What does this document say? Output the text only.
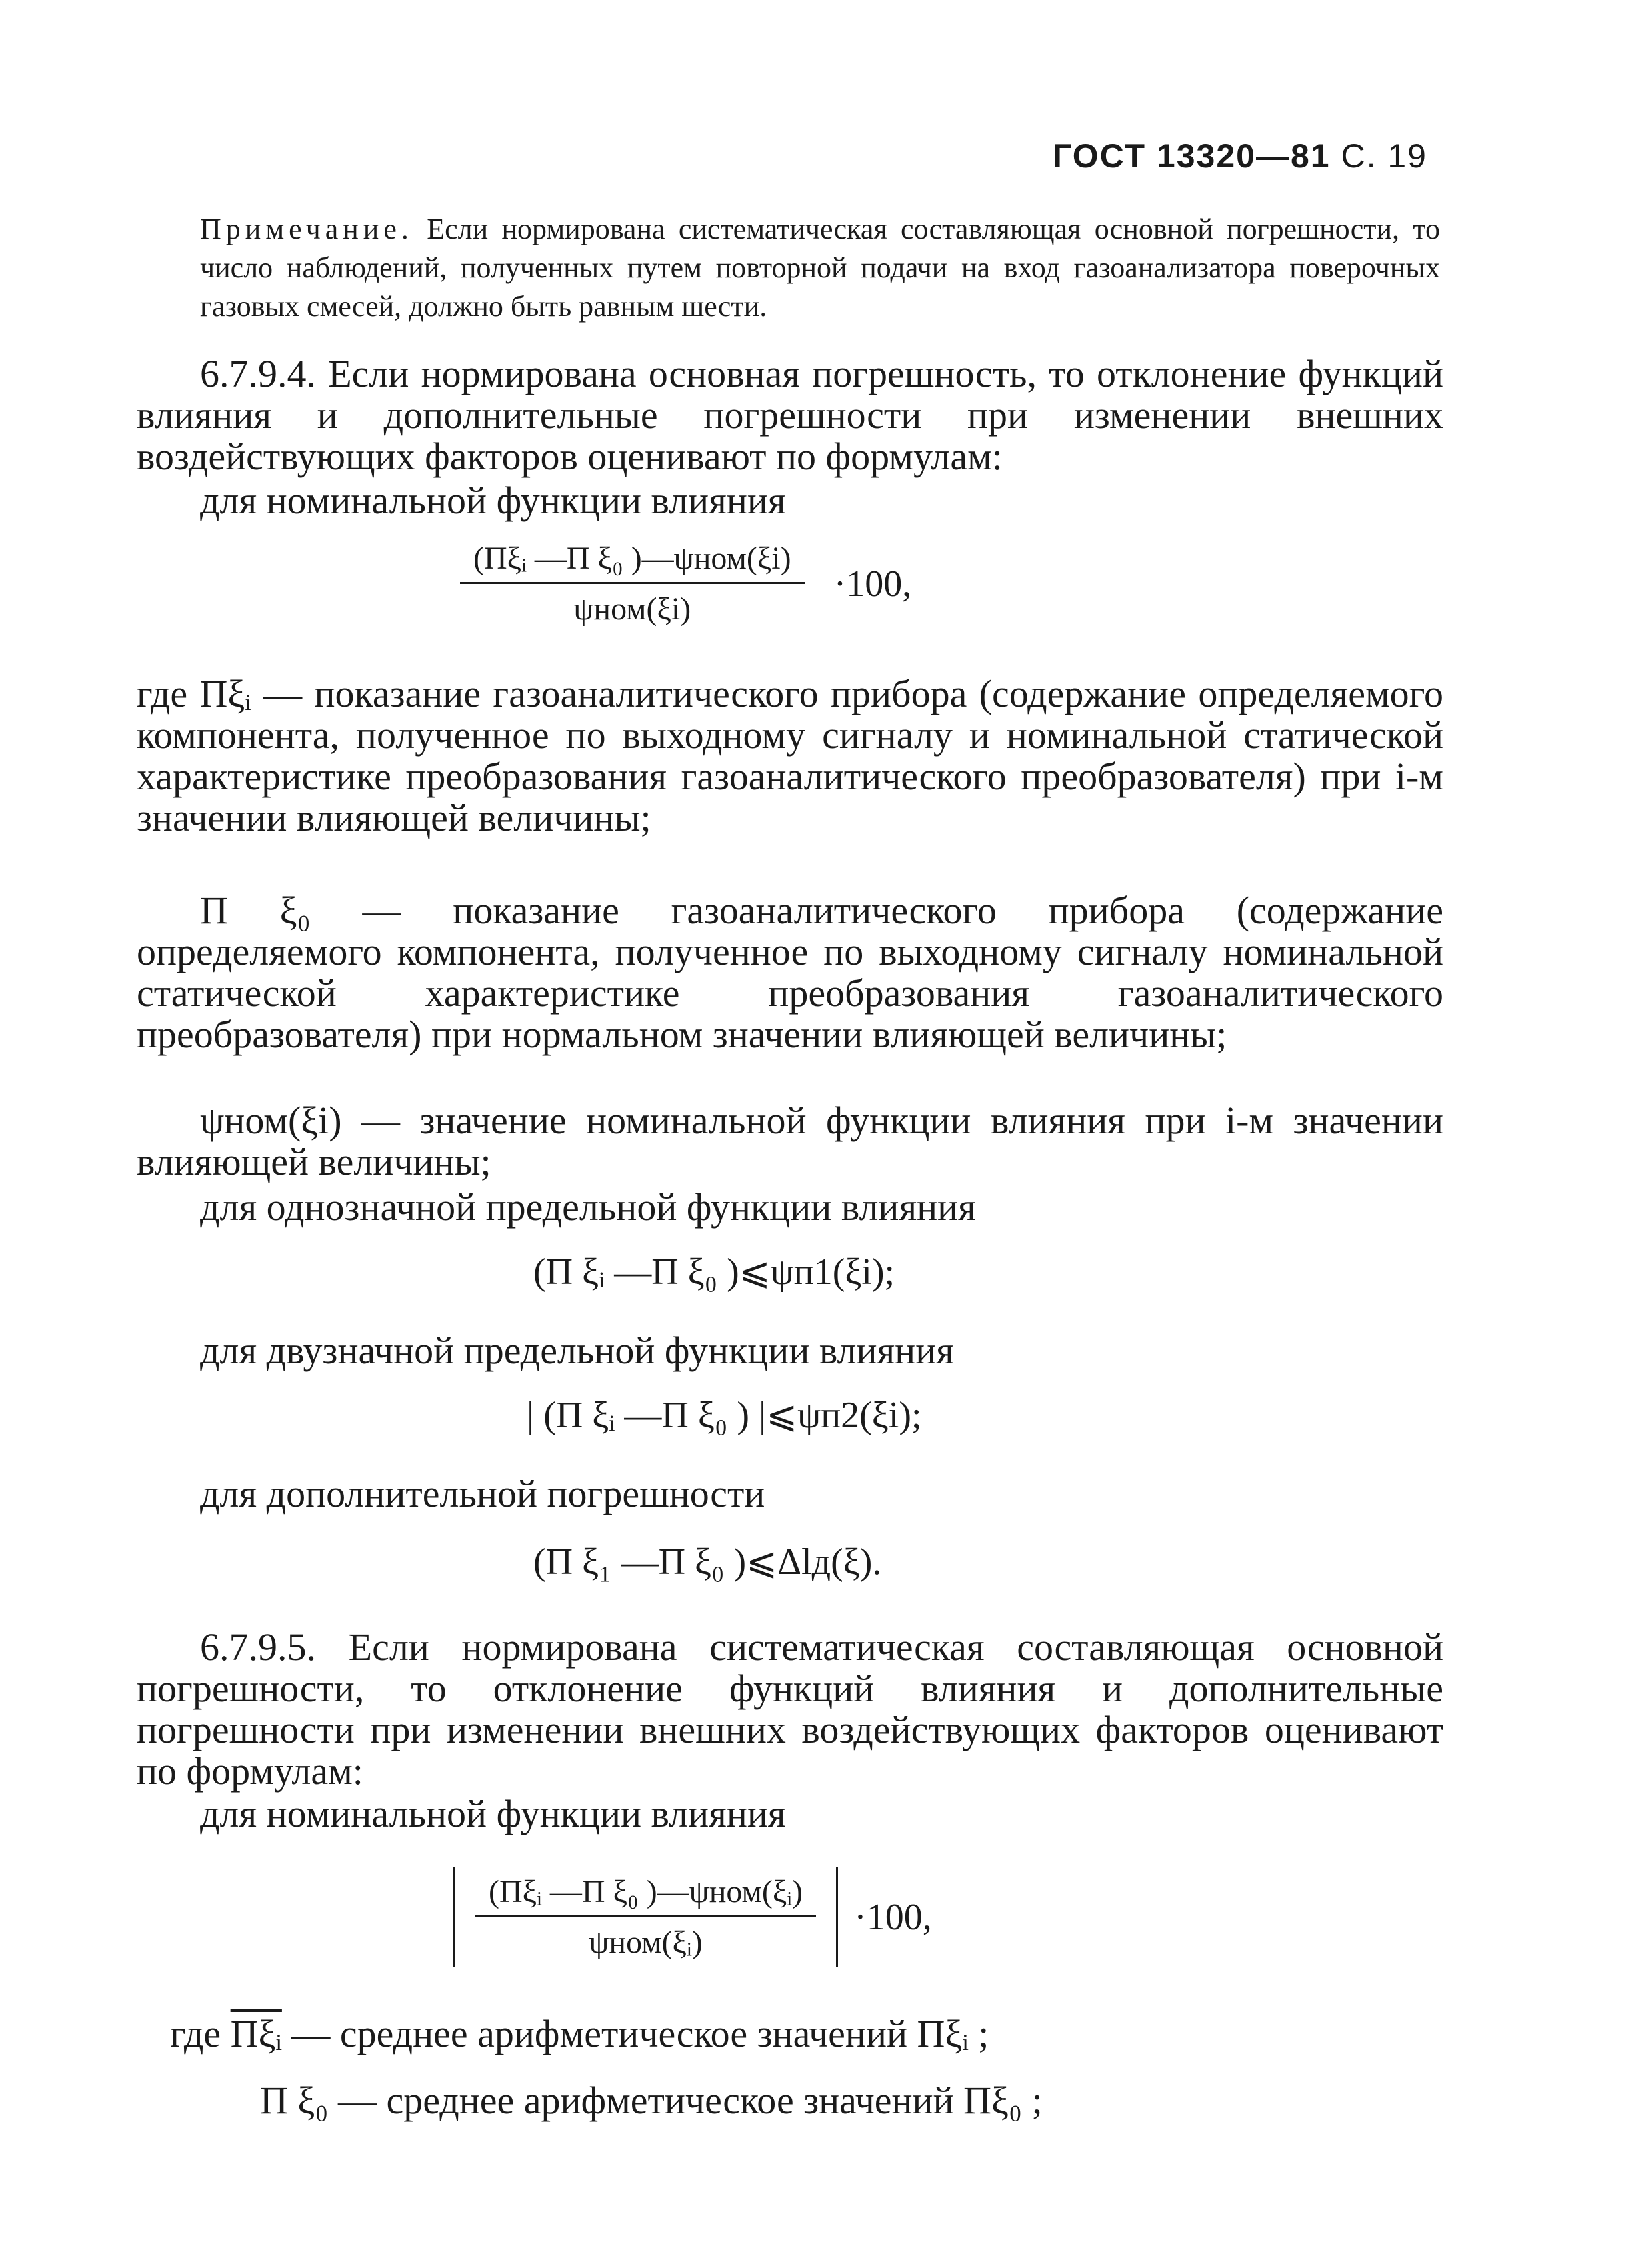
ГОСТ 13320—81 С. 19
Примечание. Если нормирована систематическая составляющая основной погрешности, то число наблюдений, полученных путем повторной подачи на вход газоанализатора поверочных газовых смесей, должно быть равным шести.
6.7.9.4. Если нормирована основная погрешность, то отклонение функций влияния и дополнительные погрешности при изменении внешних воздействующих факторов оценивают по формулам:
для номинальной функции влияния
$\frac{\text{(Πξᵢ —Π ξ₀ )—ψном(ξi)}}{\text{ψном(ξi)}} \cdot 100$,
где Πξᵢ — показание газоаналитического прибора (содержание определяемого компонента, полученное по выходному сигналу и номинальной статической характеристике преобразования газоаналитического преобразователя) при i-м значении влияющей величины;
Π ξ₀ — показание газоаналитического прибора (содержание определяемого компонента, полученное по выходному сигналу номинальной статической характеристике преобразования газоаналитического преобразователя) при нормальном значении влияющей величины;
ψном(ξi) — значение номинальной функции влияния при i-м значении влияющей величины;
для однозначной предельной функции влияния
(Π ξᵢ —Π ξ₀ )⩽ψп1(ξi);
для двузначной предельной функции влияния
| (Π ξᵢ —Π ξ₀ ) |⩽ψп2(ξi);
для дополнительной погрешности
(Π ξ₁ —Π ξ₀ )⩽Δlд(ξ).
6.7.9.5. Если нормирована систематическая составляющая основной погрешности, то отклонение функций влияния и дополнительные погрешности при изменении внешних воздействующих факторов оценивают по формулам:
для номинальной функции влияния
$\frac{\text{(Πξᵢ —Π ξ₀ )—ψном(ξᵢ)}}{\text{ψном(ξᵢ)}} \cdot 100$,
где $\overline{\Pi\xi ᵢ}$ — среднее арифметическое значений Πξᵢ ;
Π ξ₀ — среднее арифметическое значений Πξ₀ ;
